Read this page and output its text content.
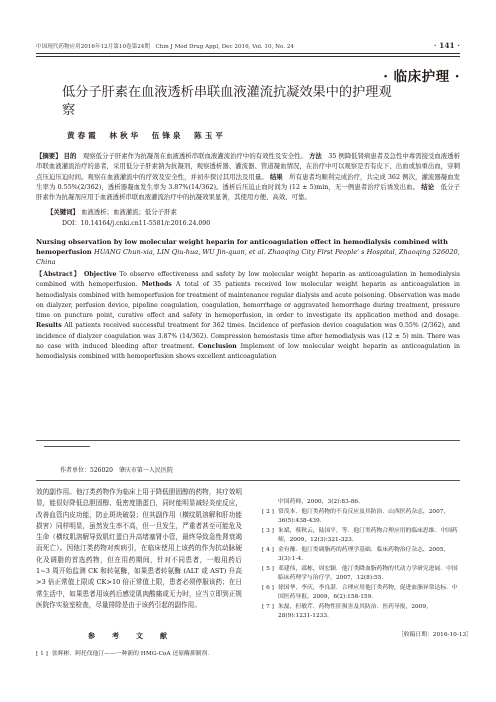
中国现代药物应用2016年12月第10卷第24期　Chin J Mod Drug Appl, Dec 2016, Vol. 10, No. 24	· 141 ·
· 临床护理 ·
低分子肝素在血液透析串联血液灌流抗凝效果中的护理观察
黄春霞　林秋华　伍锋泉　陈玉平
【摘要】 目的　 观察低分子肝素作为抗凝剂在血液透析串联血液灌流治疗中的有效性及安全性。 方法　 35 例降低肾病患者及急性中毒需接受血液透析串联血液灌流治疗的患者，采用低分子肝素钠为抗凝剂，观察透析器、灌流器、管道凝血情况，在治疗中可以观察是否有皮下、出血或加重出血，穿刺点压迫压迫时间。观察在血液灌流中的疗效及安全性，并初步探讨其用法及用量。 结果　 所有患者均顺利完成治疗，共完成 362 例次，灌流器凝血发生率为 0.55%(2/362)，透析器凝血发生率为 3.87%(14/362)。透析后压迫止血时间为 (12 ± 5)min，无一例患者治疗后诱发出血。 结论　 低分子肝素作为抗凝剂应用于血液透析串联血液灌流治疗中的抗凝效果显著，其使用方便、高效、可靠。
【关键词】 血液透析；血液灌流；低分子肝素
DOI：10.14164/j.cnki.cn11-5581/r.2016.24.090
Nursing observation by low molecular weight heparin for anticoagulation effect in hemodialysis combined with hemoperfusion HUANG Chun-xia, LIN Qiu-hua, WU Jin-quan, et al. Zhaoqing City First People' s Hospital, Zhaoqing 526020, China
【Abstract】 Objective To observe effectiveness and safety by low molecular weight heparin as anticoagulation in hemodialysis combined with hemoperfusion. Methods A total of 35 patients received low molecular weight heparin as anticoagulation in hemodialysis combined with hemoperfusion for treatment of maintenance regular dialysis and acute poisoning. Observation was made on dialyzer, perfusion device, pipeline coagulation, coagulation, hemorrhage or aggravated hemorrhage during treatment, pressure time on puncture point, curative effect and safety in hemoperfusion, in order to investigate its application method and dosage. Results All patients received successful treatment for 362 times. Incidence of perfusion device coagulation was 0.55% (2/362), and incidence of dialyzer coagulation was 3.87% (14/362). Compression hemostasis time after hemodialysis was (12 ± 5) min. There was no case with induced bleeding after treatment. Conclusion Implement of low molecular weight heparin as anticoagulation in hemodialysis combined with hemoperfusion shows excellent anticoagulation
作者单位：526020　肇庆市第一人民医院
效的副作用。他汀类药物作为临床上用于降低胆固醇的药物，其疗效明显，能很好降低总胆固醇、低密度脂蛋白，同时能明显减轻炎症反应，改善血管内皮功能，防止斑块破裂；但其副作用（横纹肌溶解和肝功能损害）同样明显，虽然发生率不高，但一旦发生，严重者甚至可能危及生命（横纹肌溶解导致肌红蛋白升高堵塞肾小管，最终导致急性肾衰竭而死亡）。因他汀类药物对疾病引，在临床使用上该药的作为抗动脉硬化及调脂的首选药物，但在用药期间，针对不同患者，一般用药后 1~3 周开始监测 CK 和转氨酶，如果患者转氨酶 (ALT 或 AST) 升高 >3 倍正常值上限或 CK>10 倍正常值上限，患者必须停服该药；在日常生活中，如果患者用该药后感觉肌肉酸痛或无力时，应当立即到正规医院作实验室检查，尽量排除是由于该药引起的副作用。
参　考　文　献
[ 1 ] 张辉彬．阿托伐他汀——一种新的 HMG-CoA 还原酶抑制剂．
中国药师，2000，3(2):83-86.
[ 2 ] 常茂本．他汀类药物的不良反应及其防治．山西医药杂志，2007，36(5):438-439.
[ 3 ] 朱斌，蔡秋云，陆国平，等．他汀类药物合理应用的临床思维．中国药师，2009，12(3):321-323.
[ 4 ] 金有豫．他汀类调脂药的药理学基础．临床药物治疗杂志，2005，3(3):1-4.
[ 5 ] 邓建伟，邵栋，周宏颖．他汀类降血脂药物的代动力学研究进展．中国临床药理学与治疗学，2007，12(8):55.
[ 6 ] 徐国华，李庆，李良湛．合理应用他汀类药物，促进血脂异常达标．中国医药导报，2009，6(2):158-159.
[ 7 ] 朱磊，但敏芹．药物性肝损害及其防治．医药导报，2009，28(9):1231-1233.
［收稿日期：2016-10-13］
